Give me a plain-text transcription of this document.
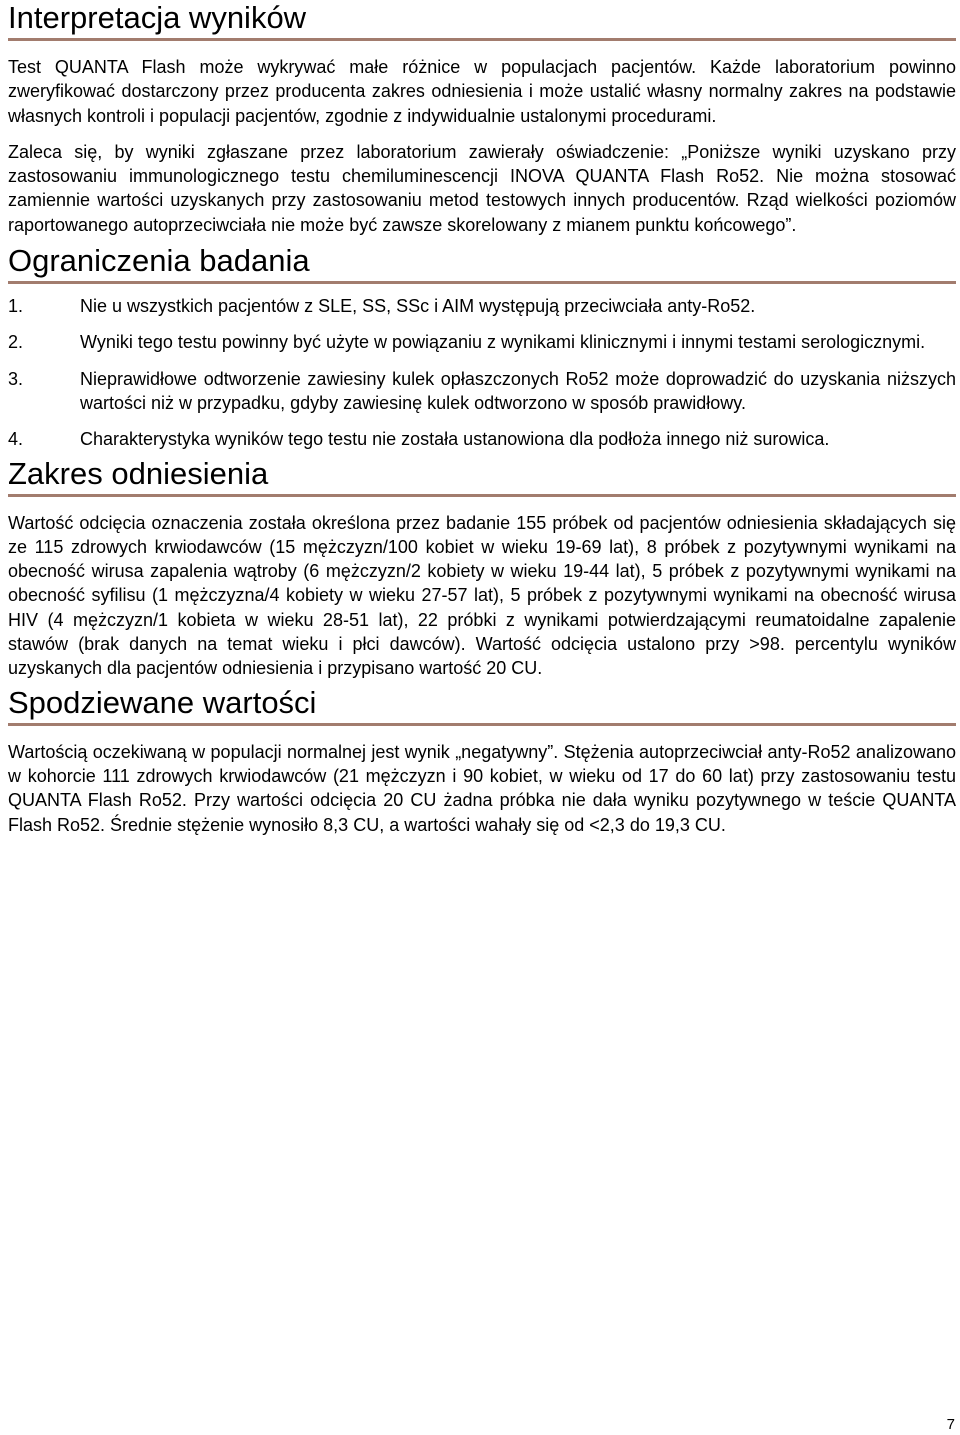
Interpretacja wyników

Test QUANTA Flash może wykrywać małe różnice w populacjach pacjentów. Każde laboratorium powinno zweryfikować dostarczony przez producenta zakres odniesienia i może ustalić własny normalny zakres na podstawie własnych kontroli i populacji pacjentów, zgodnie z indywidualnie ustalonymi procedurami.

Zaleca się, by wyniki zgłaszane przez laboratorium zawierały oświadczenie: „Poniższe wyniki uzyskano przy zastosowaniu immunologicznego testu chemiluminescencji INOVA QUANTA Flash Ro52. Nie można stosować zamiennie wartości uzyskanych przy zastosowaniu metod testowych innych producentów. Rząd wielkości poziomów raportowanego autoprzeciwciała nie może być zawsze skorelowany z mianem punktu końcowego”.

Ograniczenia badania
1.	Nie u wszystkich pacjentów z SLE, SS, SSc i AIM występują przeciwciała anty-Ro52.
2.	Wyniki tego testu powinny być użyte w powiązaniu z wynikami klinicznymi i innymi testami serologicznymi.
3.	Nieprawidłowe odtworzenie zawiesiny kulek opłaszczonych Ro52 może doprowadzić do uzyskania niższych wartości niż w przypadku, gdyby zawiesinę kulek odtworzono w sposób prawidłowy.
4.	Charakterystyka wyników tego testu nie została ustanowiona dla podłoża innego niż surowica.
Zakres odniesienia

Wartość odcięcia oznaczenia została określona przez badanie 155 próbek od pacjentów odniesienia składających się ze 115 zdrowych krwiodawców (15 mężczyzn/100 kobiet w wieku 19-69 lat), 8 próbek z pozytywnymi wynikami na obecność wirusa zapalenia wątroby (6 mężczyzn/2 kobiety w wieku 19-44 lat), 5 próbek z pozytywnymi wynikami na obecność syfilisu (1 mężczyzna/4 kobiety w wieku 27-57 lat), 5 próbek z pozytywnymi wynikami na obecność wirusa HIV (4 mężczyzn/1 kobieta w wieku 28-51 lat), 22 próbki z wynikami potwierdzającymi reumatoidalne zapalenie stawów (brak danych na temat wieku i płci dawców). Wartość odcięcia ustalono przy >98. percentylu wyników uzyskanych dla pacjentów odniesienia i przypisano wartość 20 CU.

Spodziewane wartości

Wartością oczekiwaną w populacji normalnej jest wynik „negatywny”. Stężenia autoprzeciwciał anty-Ro52 analizowano w kohorcie 111 zdrowych krwiodawców (21 mężczyzn i 90 kobiet, w wieku od 17 do 60 lat) przy zastosowaniu testu QUANTA Flash Ro52. Przy wartości odcięcia 20 CU żadna próbka nie dała wyniku pozytywnego w teście QUANTA Flash Ro52. Średnie stężenie wynosiło 8,3 CU, a wartości wahały się od <2,3 do 19,3 CU.

7
